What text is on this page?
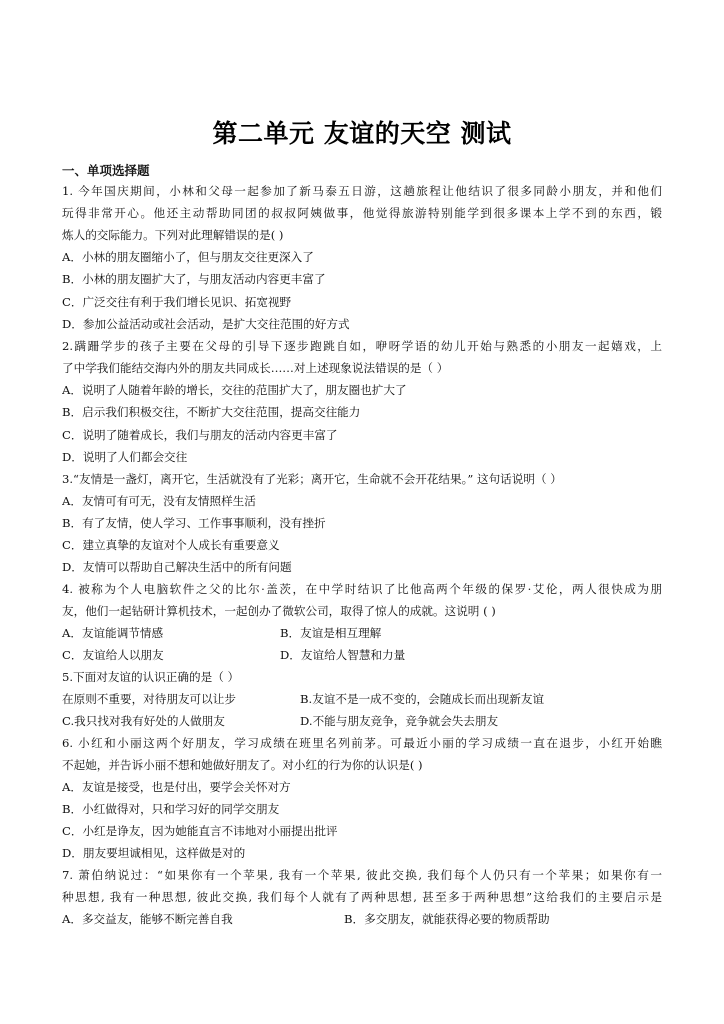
第二单元 友谊的天空 测试
一、单项选择题
1. 今年国庆期间，小林和父母一起参加了新马泰五日游，这趟旅程让他结识了很多同龄小朋友，并和他们
玩得非常开心。他还主动帮助同团的叔叔阿姨做事，他觉得旅游特别能学到很多课本上学不到的东西，锻
炼人的交际能力。下列对此理解错误的是( )
A．小林的朋友圈缩小了，但与朋友交往更深入了
B．小林的朋友圈扩大了，与朋友活动内容更丰富了
C．广泛交往有利于我们增长见识、拓宽视野
D．参加公益活动或社会活动，是扩大交往范围的好方式
2.蹒跚学步的孩子主要在父母的引导下逐步跑跳自如，咿呀学语的幼儿开始与熟悉的小朋友一起嬉戏，上
了中学我们能结交海内外的朋友共同成长……对上述现象说法错误的是（ ）
A．说明了人随着年龄的增长，交往的范围扩大了，朋友圈也扩大了
B．启示我们积极交往，不断扩大交往范围，提高交往能力
C．说明了随着成长，我们与朋友的活动内容更丰富了
D．说明了人们都会交往
3.“友情是一盏灯，离开它，生活就没有了光彩；离开它，生命就不会开花结果。” 这句话说明（ ）
A．友情可有可无，没有友情照样生活
B．有了友情，使人学习、工作事事顺利，没有挫折
C．建立真挚的友谊对个人成长有重要意义
D．友情可以帮助自己解决生活中的所有问题
4. 被称为个人电脑软件之父的比尔·盖茨，在中学时结识了比他高两个年级的保罗·艾伦，两人很快成为朋
友，他们一起钻研计算机技术，一起创办了微软公司，取得了惊人的成就。这说明 ( )
A．友谊能调节情感	B．友谊是相互理解
C．友谊给人以朋友	D．友谊给人智慧和力量
5.下面对友谊的认识正确的是（ ）
在原则不重要，对待朋友可以让步	B.友谊不是一成不变的，会随成长而出现新友谊
C.我只找对我有好处的人做朋友	D.不能与朋友竞争，竞争就会失去朋友
6. 小红和小丽这两个好朋友，学习成绩在班里名列前茅。可最近小丽的学习成绩一直在退步，小红开始瞧
不起她，并告诉小丽不想和她做好朋友了。对小红的行为你的认识是( )
A．友谊是接受，也是付出，要学会关怀对方
B．小红做得对，只和学习好的同学交朋友
C．小红是诤友，因为她能直言不讳地对小丽提出批评
D．朋友要坦诚相见，这样做是对的
7. 萧伯纳说过：“如果你有一个苹果, 我有一个苹果, 彼此交换, 我们每个人仍只有一个苹果；如果你有一
种思想, 我有一种思想, 彼此交换, 我们每个人就有了两种思想, 甚至多于两种思想”这给我们的主要启示是
A．多交益友，能够不断完善自我	B．多交朋友，就能获得必要的物质帮助
